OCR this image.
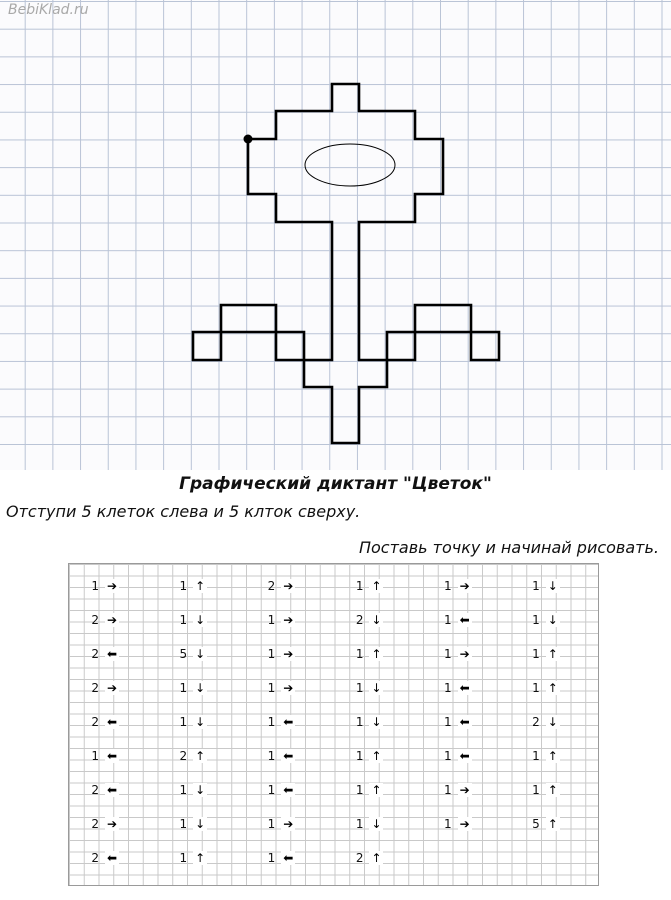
BebiKlad.ru
Графический диктант "Цветок"
Отступи 5 клеток слева и 5 клток сверху.
Поставь точку и начинай рисовать.
1 ➔	1 ↑	2 ➔	1 ↑	1 ➔	1 ↓

2 ➔	1 ↓	1 ➔	2 ↓	1 ⬅	1 ↓

2 ⬅	5 ↓	1 ➔	1 ↑	1 ➔	1 ↑

2 ➔	1 ↓	1 ➔	1 ↓	1 ⬅	1 ↑

2 ⬅	1 ↓	1 ⬅	1 ↓	1 ⬅	2 ↓

1 ⬅	2 ↑	1 ⬅	1 ↑	1 ⬅	1 ↑

2 ⬅	1 ↓	1 ⬅	1 ↑	1 ➔	1 ↑

2 ➔	1 ↓	1 ➔	1 ↓	1 ➔	5 ↑

2 ⬅	1 ↑	1 ⬅	2 ↑		
